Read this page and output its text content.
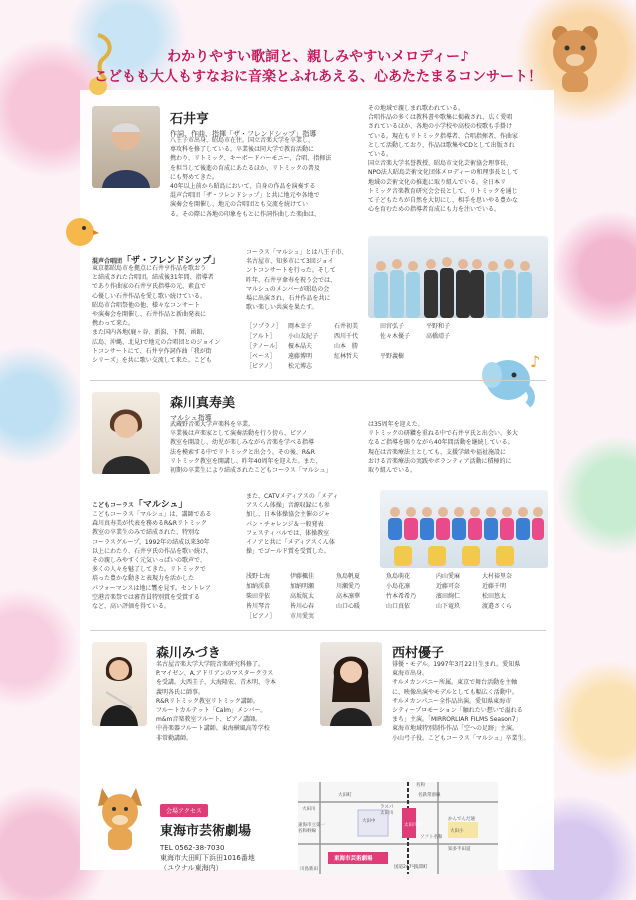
♪
わかりやすい歌詞と、親しみやすいメロディー♪
こどもも大人もすなおに音楽とふれあえる、心あたたまるコンサート！
石井亨
作詞、作曲、指揮「ザ・フレンドシップ」指導
八王子市出身、昭島市在住。国立音楽大学を卒業し、
専攻科を修了している。卒業後は同大学で教育活動に
携わり、リトミック、キーボードハーモニー、合唱、指揮法
を担当して後進の育成にあたるほか、リトミックの普及
にも努めてきた。
40年以上前から昭島において、自身の作品を演奏する
混声合唱団「ザ・フレンドシップ」と共に地元や各地で
演奏会を開催し、地元の合唱団とも交流を続けてい
る。その際に各地の印象をもとに作詞作曲した楽曲は、
その地域で親しまれ歌われている。
合唱作品の多くは教科書や歌集に掲載され、広く愛唱
されているほか、各地の小学校や高校の校歌も手掛け
ている。現在もリトミック指導者、合唱指揮者、作曲家
として活動しており、作品は歌集やCDとして出版され
ている。
国立音楽大学名誉教授、昭島市文化芸術協会理事長、
NPO法人昭島芸術文化団体メロディーの和理事長として
地域の芸術文化の推進に取り組んでいる。全日本リ
トミック音楽教育研究会会長として、リトミックを通じ
て子どもたちが自然を大切にし、相手を思いやる豊かな
心を育むための指導者育成にも力を注いでいる。
混声合唱団「ザ・フレンドシップ」
東京都昭島市を拠点に石井亨作品を歌おう
と結成された合唱団。結成後31年間、指導者
であり作曲家の石井亨氏指導の元、素直で
心優しい石井作品を愛し歌い続けている。
昭島市合唱祭他の他、様々なコンサート
や演奏会を開催し、石井作品と新曲発表に
携わって来た。
また国内各地(鹿ヶ谷、新潟、下関、函館、
広島、沖縄、北見)で地元の合唱団とのジョイン
トコンサートにて、石井亨作詞作曲「我が街
シリーズ」を共に歌い交流して来た。こども
コーラス「マルシュ」とは八王子市、
名古屋市、知多市にて3回ジョイ
ントコンサートを行った。そして
昨年、石井亨傘寿を祝う会では、
マルシュのメンバーが昭島の会
場に出演され、石井作品を共に
歌い楽しい共演を果たす。
［ソプラノ］ 岡本幸子	石井初美	田宮弘子	平野和子
［アルト］ 小山友紀子	西川千代	佐々木優子	高橋靖子
［テノール］ 榎本晶夫	山本　勝
［ベース］ 遠藤博明	紅林哲夫	平野義樹
［ピアノ］ 松元博志
森川真寿美
マルシュ指導
武蔵野音楽大学声楽科を卒業。
卒業後は声楽家として演奏活動を行う傍ら、ピアノ
教室を開設し、幼児が楽しみながら音楽を学べる指導
法を模索する中でリトミックと出会う。その後、R&R
リトミック教室を開講し、昨年40周年を迎えた。また、
初期の卒業生により結成されたこどもコーラス「マルシュ」
は35周年を迎えた。
リトミックの研鑽を重ねる中で石井亨氏と出会い、多大
なるご指導を賜りながら40年間活動を継続している。
現在は音楽療法士としても、支援学級や福祉施設に
おける音楽療法の実践やボランティア活動に積極的に
取り組んでいる。
こどもコーラス「マルシュ」
こどもコーラス「マルシュ」は、講師である
森川真寿美が代表を務めるR&Rリトミック
教室の卒業生のみで結成された、特別な
コーラスグループ。1992年の結成以来30年
以上にわたり、石井亨氏の作品を歌い続け、
その親しみやすく元気いっぱいの歌声で、
多くの人々を魅了してきた。リトミックで
培った豊かな動きと表現力を活かした
パフォーマンスは地に響を見す。セントレア
空港音楽祭では審査員特別賞を受賞する
など、高い評価を得ている。
また、CATVメディアスの「メディ
アスくん体操」音源収録にも参
加し、日本体操協会主催のジャ
パン・チャレンジ＆一般発表
フェスティバルでは、体操教室
イノアと共に「メディアスくん体
操」でゴールド賞を受賞した。
浅野七海	伊藤楓佳	魚島帆夏	魚島萌花	内山愛麻	大村裕里奈
加納渓慕	加納明瀬	川瀬愛乃	小島花凛	近藤可奈	近藤千明
柴田芽依	高坂航太	高本凛華	竹本希希乃	濱田絢仁	松田悠太
皆川琴音	皆川心春	山口心暖	山口真依	山下竜玖	渡邉さくら
［ピアノ］ 市川愛実
森川みづき
名古屋音楽大学大学院音楽研究科修了。
P.マイゼン、A.アドリアンのマスタークラス
を受講。大西圭子、大海隆宏、青木明、寺本
義明各氏に師事。
R&Rリトミック教室リトミック講師。
フルートカルテット「Calm」メンバー。
m&m音楽教室フルート、ピアノ講師。
中善楽器フルート講師。東海横風高等学校
非常勤講師。
西村優子
俳優・モデル。1997年3月22日生まれ。愛知県
東海市出身。
サルメカンパニー所属。東京で舞台活動を主軸
に、映像出演やモデルとしても幅広く活動中。
サルメカンパニー全作品出演。愛知県東海市
シティープロモーション「触れたい想いで溢れる
まち」主演。「MIRRORLIAR FILMS Season7」
東海市地域特別制作作品「空への足跡」主演。
小山弓子役。こどもコーラス「マルシュ」卒業生。
会場アクセス
東海市芸術劇場
TEL 0562-38-7030
東海市大田町下浜田1016番地
（ユウナル東海内）
大田町	名鉄常滑線
名和
大田川	ラスパ
太田川
太田川駅
ソフト名和
かんでんだ通
大田中
川島新田
大田小
東海市芸術劇場
知多半田道
浅間町
国道247号
東海市立第一
名和幹線
